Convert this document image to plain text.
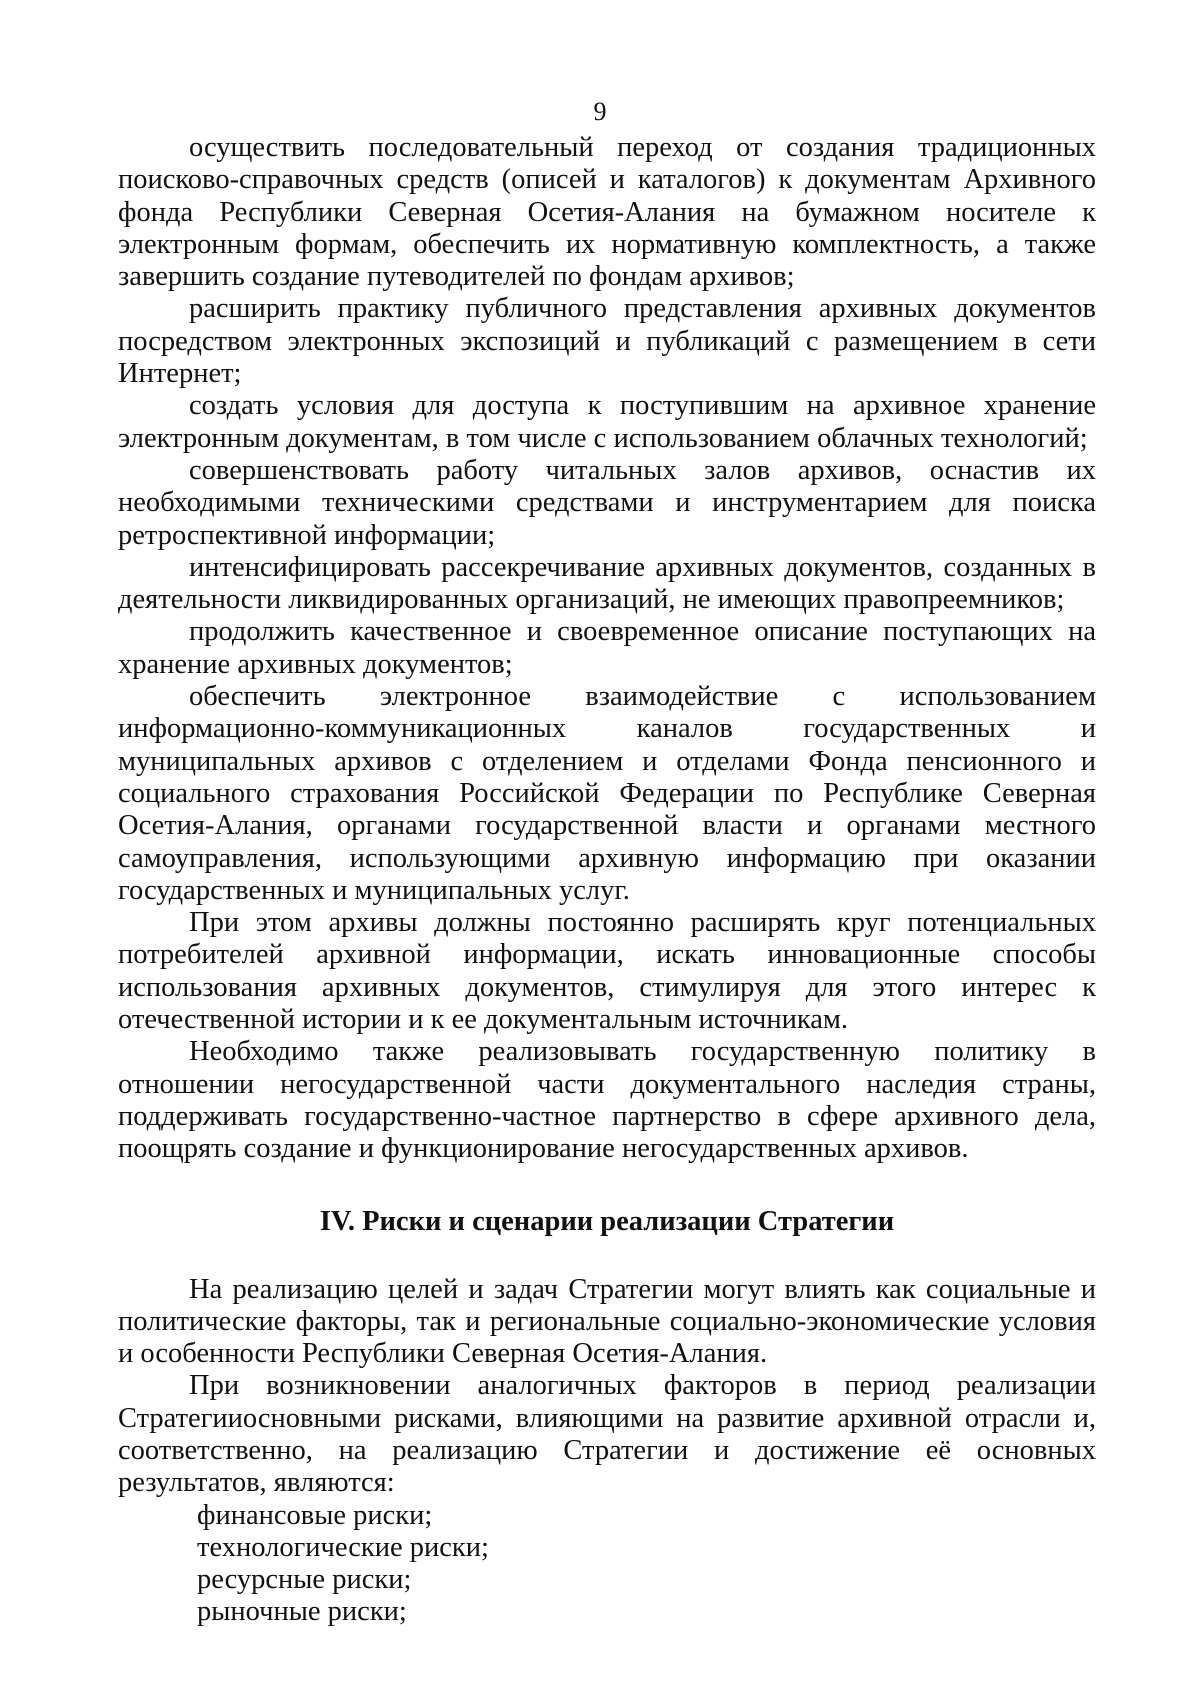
9

осуществить последовательный переход от создания традиционных поисково-справочных средств (описей и каталогов) к документам Архивного фонда Республики Северная Осетия-Алания на бумажном носителе к электронным формам, обеспечить их нормативную комплектность, а также завершить создание путеводителей по фондам архивов;

расширить практику публичного представления архивных документов посредством электронных экспозиций и публикаций с размещением в сети Интернет;

создать условия для доступа к поступившим на архивное хранение электронным документам, в том числе с использованием облачных технологий;

совершенствовать работу читальных залов архивов, оснастив их необходимыми техническими средствами и инструментарием для поиска ретроспективной информации;

интенсифицировать рассекречивание архивных документов, созданных в деятельности ликвидированных организаций, не имеющих правопреемников;

продолжить качественное и своевременное описание поступающих на хранение архивных документов;

обеспечить электронное взаимодействие с использованием информационно-коммуникационных каналов государственных и муниципальных архивов с отделением и отделами Фонда пенсионного и социального страхования Российской Федерации по Республике Северная Осетия-Алания, органами государственной власти и органами местного самоуправления, использующими архивную информацию при оказании государственных и муниципальных услуг.

При этом архивы должны постоянно расширять круг потенциальных потребителей архивной информации, искать инновационные способы использования архивных документов, стимулируя для этого интерес к отечественной истории и к ее документальным источникам.

Необходимо также реализовывать государственную политику в отношении негосударственной части документального наследия страны, поддерживать государственно-частное партнерство в сфере архивного дела, поощрять создание и функционирование негосударственных архивов.

IV. Риски и сценарии реализации Стратегии

На реализацию целей и задач Стратегии могут влиять как социальные и политические факторы, так и региональные социально-экономические условия и особенности Республики Северная Осетия-Алания.

При возникновении аналогичных факторов в период реализации Стратегииосновными рисками, влияющими на развитие архивной отрасли и, соответственно, на реализацию Стратегии и достижение её основных результатов, являются:

финансовые риски;

технологические риски;

ресурсные риски;

рыночные риски;
